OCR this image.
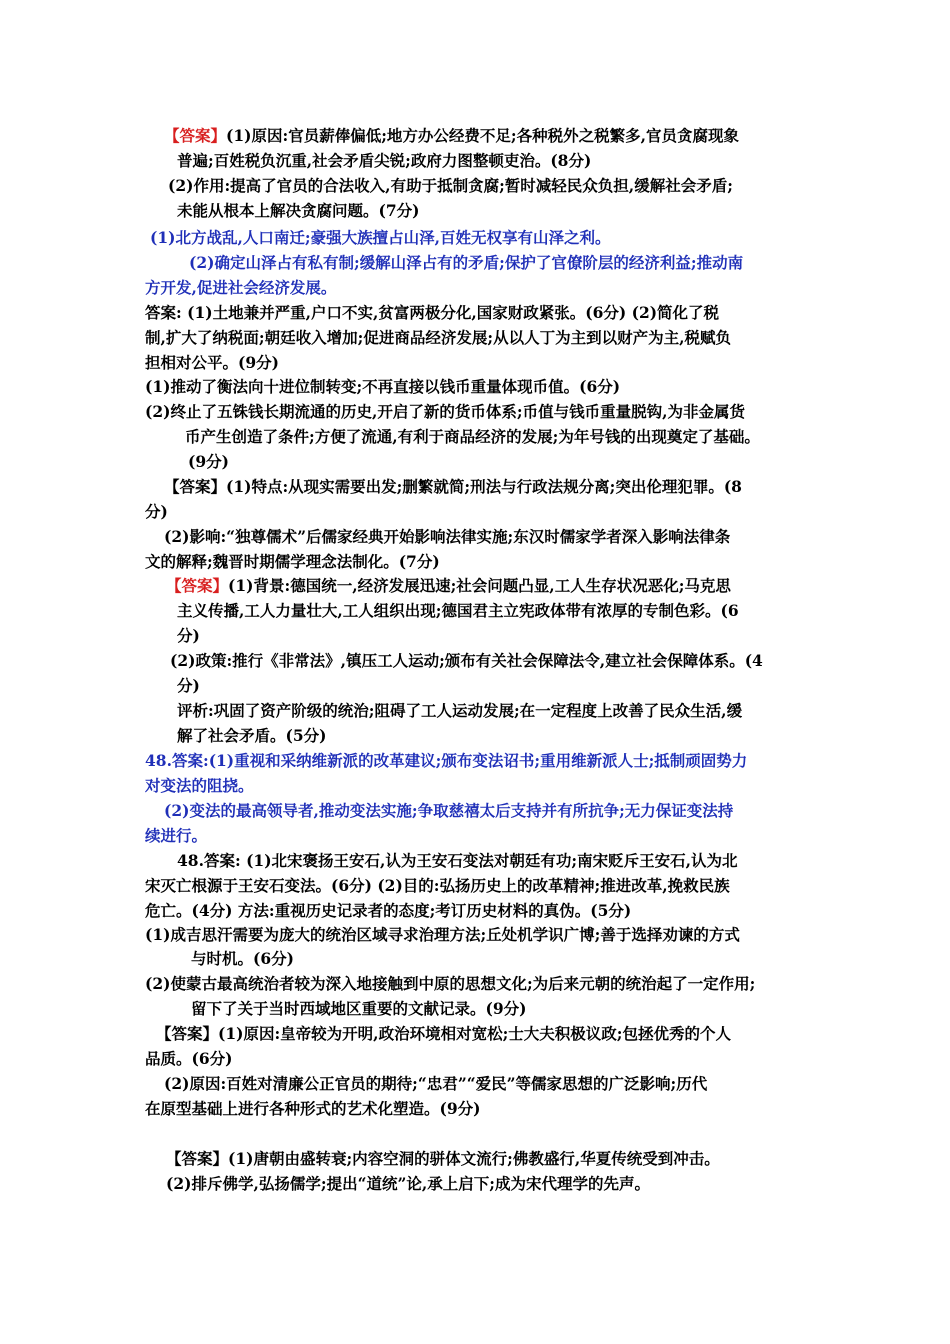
【答案】(1)原因:官员薪俸偏低;地方办公经费不足;各种税外之税繁多,官员贪腐现象
普遍;百姓税负沉重,社会矛盾尖锐;政府力图整顿吏治。(8分)
(2)作用:提高了官员的合法收入,有助于抵制贪腐;暂时减轻民众负担,缓解社会矛盾;
未能从根本上解决贪腐问题。(7分)
(1)北方战乱,人口南迁;豪强大族擅占山泽,百姓无权享有山泽之利。
(2)确定山泽占有私有制;缓解山泽占有的矛盾;保护了官僚阶层的经济利益;推动南
方开发,促进社会经济发展。
答案: (1)土地兼并严重,户口不实,贫富两极分化,国家财政紧张。(6分) (2)简化了税
制,扩大了纳税面;朝廷收入增加;促进商品经济发展;从以人丁为主到以财产为主,税赋负
担相对公平。(9分)
(1)推动了衡法向十进位制转变;不再直接以钱币重量体现币值。(6分)
(2)终止了五铢钱长期流通的历史,开启了新的货币体系;币值与钱币重量脱钩,为非金属货
币产生创造了条件;方便了流通,有利于商品经济的发展;为年号钱的出现奠定了基础。
(9分)
【答案】(1)特点:从现实需要出发;删繁就简;刑法与行政法规分离;突出伦理犯罪。(8
分)
(2)影响:“独尊儒术”后儒家经典开始影响法律实施;东汉时儒家学者深入影响法律条
文的解释;魏晋时期儒学理念法制化。(7分)
【答案】(1)背景:德国统一,经济发展迅速;社会问题凸显,工人生存状况恶化;马克思
主义传播,工人力量壮大,工人组织出现;德国君主立宪政体带有浓厚的专制色彩。(6
分)
(2)政策:推行《非常法》,镇压工人运动;颁布有关社会保障法令,建立社会保障体系。(4
分)
评析:巩固了资产阶级的统治;阻碍了工人运动发展;在一定程度上改善了民众生活,缓
解了社会矛盾。(5分)
48.答案:(1)重视和采纳维新派的改革建议;颁布变法诏书;重用维新派人士;抵制顽固势力
对变法的阻挠。
(2)变法的最高领导者,推动变法实施;争取慈禧太后支持并有所抗争;无力保证变法持
续进行。
48.答案: (1)北宋褒扬王安石,认为王安石变法对朝廷有功;南宋贬斥王安石,认为北
宋灭亡根源于王安石变法。(6分) (2)目的:弘扬历史上的改革精神;推进改革,挽救民族
危亡。(4分) 方法:重视历史记录者的态度;考订历史材料的真伪。(5分)
(1)成吉思汗需要为庞大的统治区域寻求治理方法;丘处机学识广博;善于选择劝谏的方式
与时机。(6分)
(2)使蒙古最高统治者较为深入地接触到中原的思想文化;为后来元朝的统治起了一定作用;
留下了关于当时西域地区重要的文献记录。(9分)
【答案】(1)原因:皇帝较为开明,政治环境相对宽松;士大夫积极议政;包拯优秀的个人
品质。(6分)
(2)原因:百姓对清廉公正官员的期待;“忠君”“爱民”等儒家思想的广泛影响;历代
在原型基础上进行各种形式的艺术化塑造。(9分)
【答案】(1)唐朝由盛转衰;内容空洞的骈体文流行;佛教盛行,华夏传统受到冲击。
(2)排斥佛学,弘扬儒学;提出“道统”论,承上启下;成为宋代理学的先声。
